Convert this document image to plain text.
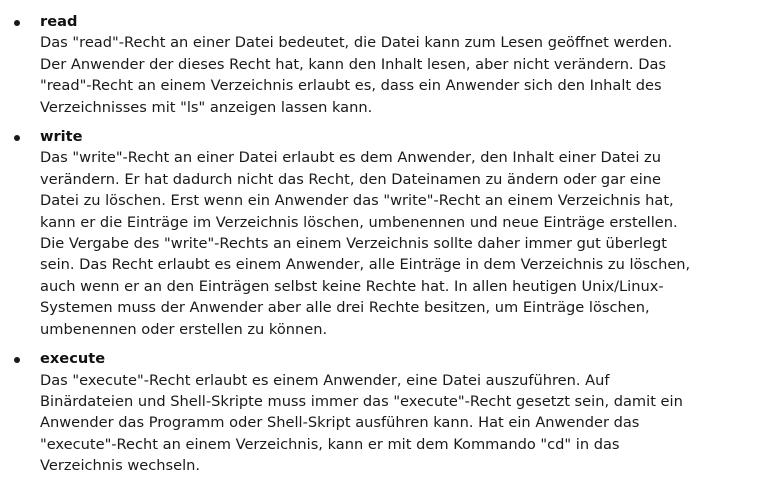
read
Das "read"-Recht an einer Datei bedeutet, die Datei kann zum Lesen geöffnet werden.
Der Anwender der dieses Recht hat, kann den Inhalt lesen, aber nicht verändern. Das
"read"-Recht an einem Verzeichnis erlaubt es, dass ein Anwender sich den Inhalt des
Verzeichnisses mit "ls" anzeigen lassen kann.
write
Das "write"-Recht an einer Datei erlaubt es dem Anwender, den Inhalt einer Datei zu
verändern. Er hat dadurch nicht das Recht, den Dateinamen zu ändern oder gar eine
Datei zu löschen. Erst wenn ein Anwender das "write"-Recht an einem Verzeichnis hat,
kann er die Einträge im Verzeichnis löschen, umbenennen und neue Einträge erstellen.
Die Vergabe des "write"-Rechts an einem Verzeichnis sollte daher immer gut überlegt
sein. Das Recht erlaubt es einem Anwender, alle Einträge in dem Verzeichnis zu löschen,
auch wenn er an den Einträgen selbst keine Rechte hat. In allen heutigen Unix/Linux-
Systemen muss der Anwender aber alle drei Rechte besitzen, um Einträge löschen,
umbenennen oder erstellen zu können.
execute
Das "execute"-Recht erlaubt es einem Anwender, eine Datei auszuführen. Auf
Binärdateien und Shell-Skripte muss immer das "execute"-Recht gesetzt sein, damit ein
Anwender das Programm oder Shell-Skript ausführen kann. Hat ein Anwender das
"execute"-Recht an einem Verzeichnis, kann er mit dem Kommando "cd" in das
Verzeichnis wechseln.
